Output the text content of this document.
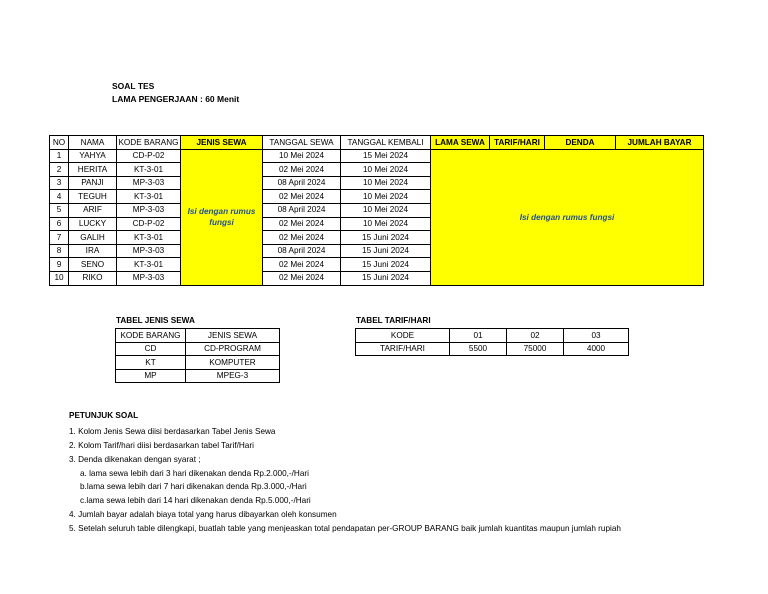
SOAL TES
LAMA PENGERJAAN : 60 Menit
NO	NAMA	KODE BARANG	JENIS SEWA	TANGGAL SEWA	TANGGAL KEMBALI	LAMA SEWA	TARIF/HARI	DENDA	JUMLAH BAYAR
1	YAHYA	CD-P-02	Isi dengan rumus fungsi	10 Mei 2024	15 Mei 2024	Isi dengan rumus fungsi			
2	HERITA	KT-3-01		02 Mei 2024	10 Mei 2024				
3	PANJI	MP-3-03		08 April 2024	10 Mei 2024				
4	TEGUH	KT-3-01		02 Mei 2024	10 Mei 2024				
5	ARIF	MP-3-03		08 April 2024	10 Mei 2024				
6	LUCKY	CD-P-02		02 Mei 2024	10 Mei 2024				
7	GALIH	KT-3-01		02 Mei 2024	15 Juni 2024				
8	IRA	MP-3-03		08 April 2024	15 Juni 2024				
9	SENO	KT-3-01		02 Mei 2024	15 Juni 2024				
10	RIKO	MP-3-03		02 Mei 2024	15 Juni 2024				
TABEL JENIS SEWA
KODE BARANG	JENIS SEWA
CD	CD-PROGRAM
KT	KOMPUTER
MP	MPEG-3
TABEL TARIF/HARI
KODE	01	02	03
TARIF/HARI	5500	75000	4000
PETUNJUK SOAL
1. Kolom Jenis Sewa diisi berdasarkan Tabel Jenis Sewa
2. Kolom Tarif/hari diisi berdasarkan tabel Tarif/Hari
3. Denda dikenakan dengan syarat ;
a. lama sewa lebih dari 3 hari dikenakan denda Rp.2.000,-/Hari
b.lama sewa lebih dari 7 hari dikenakan denda Rp.3.000,-/Hari
c.lama sewa lebih dari 14 hari dikenakan denda Rp.5.000,-/Hari
4. Jumlah bayar adalah biaya total yang harus dibayarkan oleh konsumen
5. Setelah seluruh table dilengkapi, buatlah table yang menjeaskan total pendapatan per-GROUP BARANG baik jumlah kuantitas maupun jumlah rupiah
